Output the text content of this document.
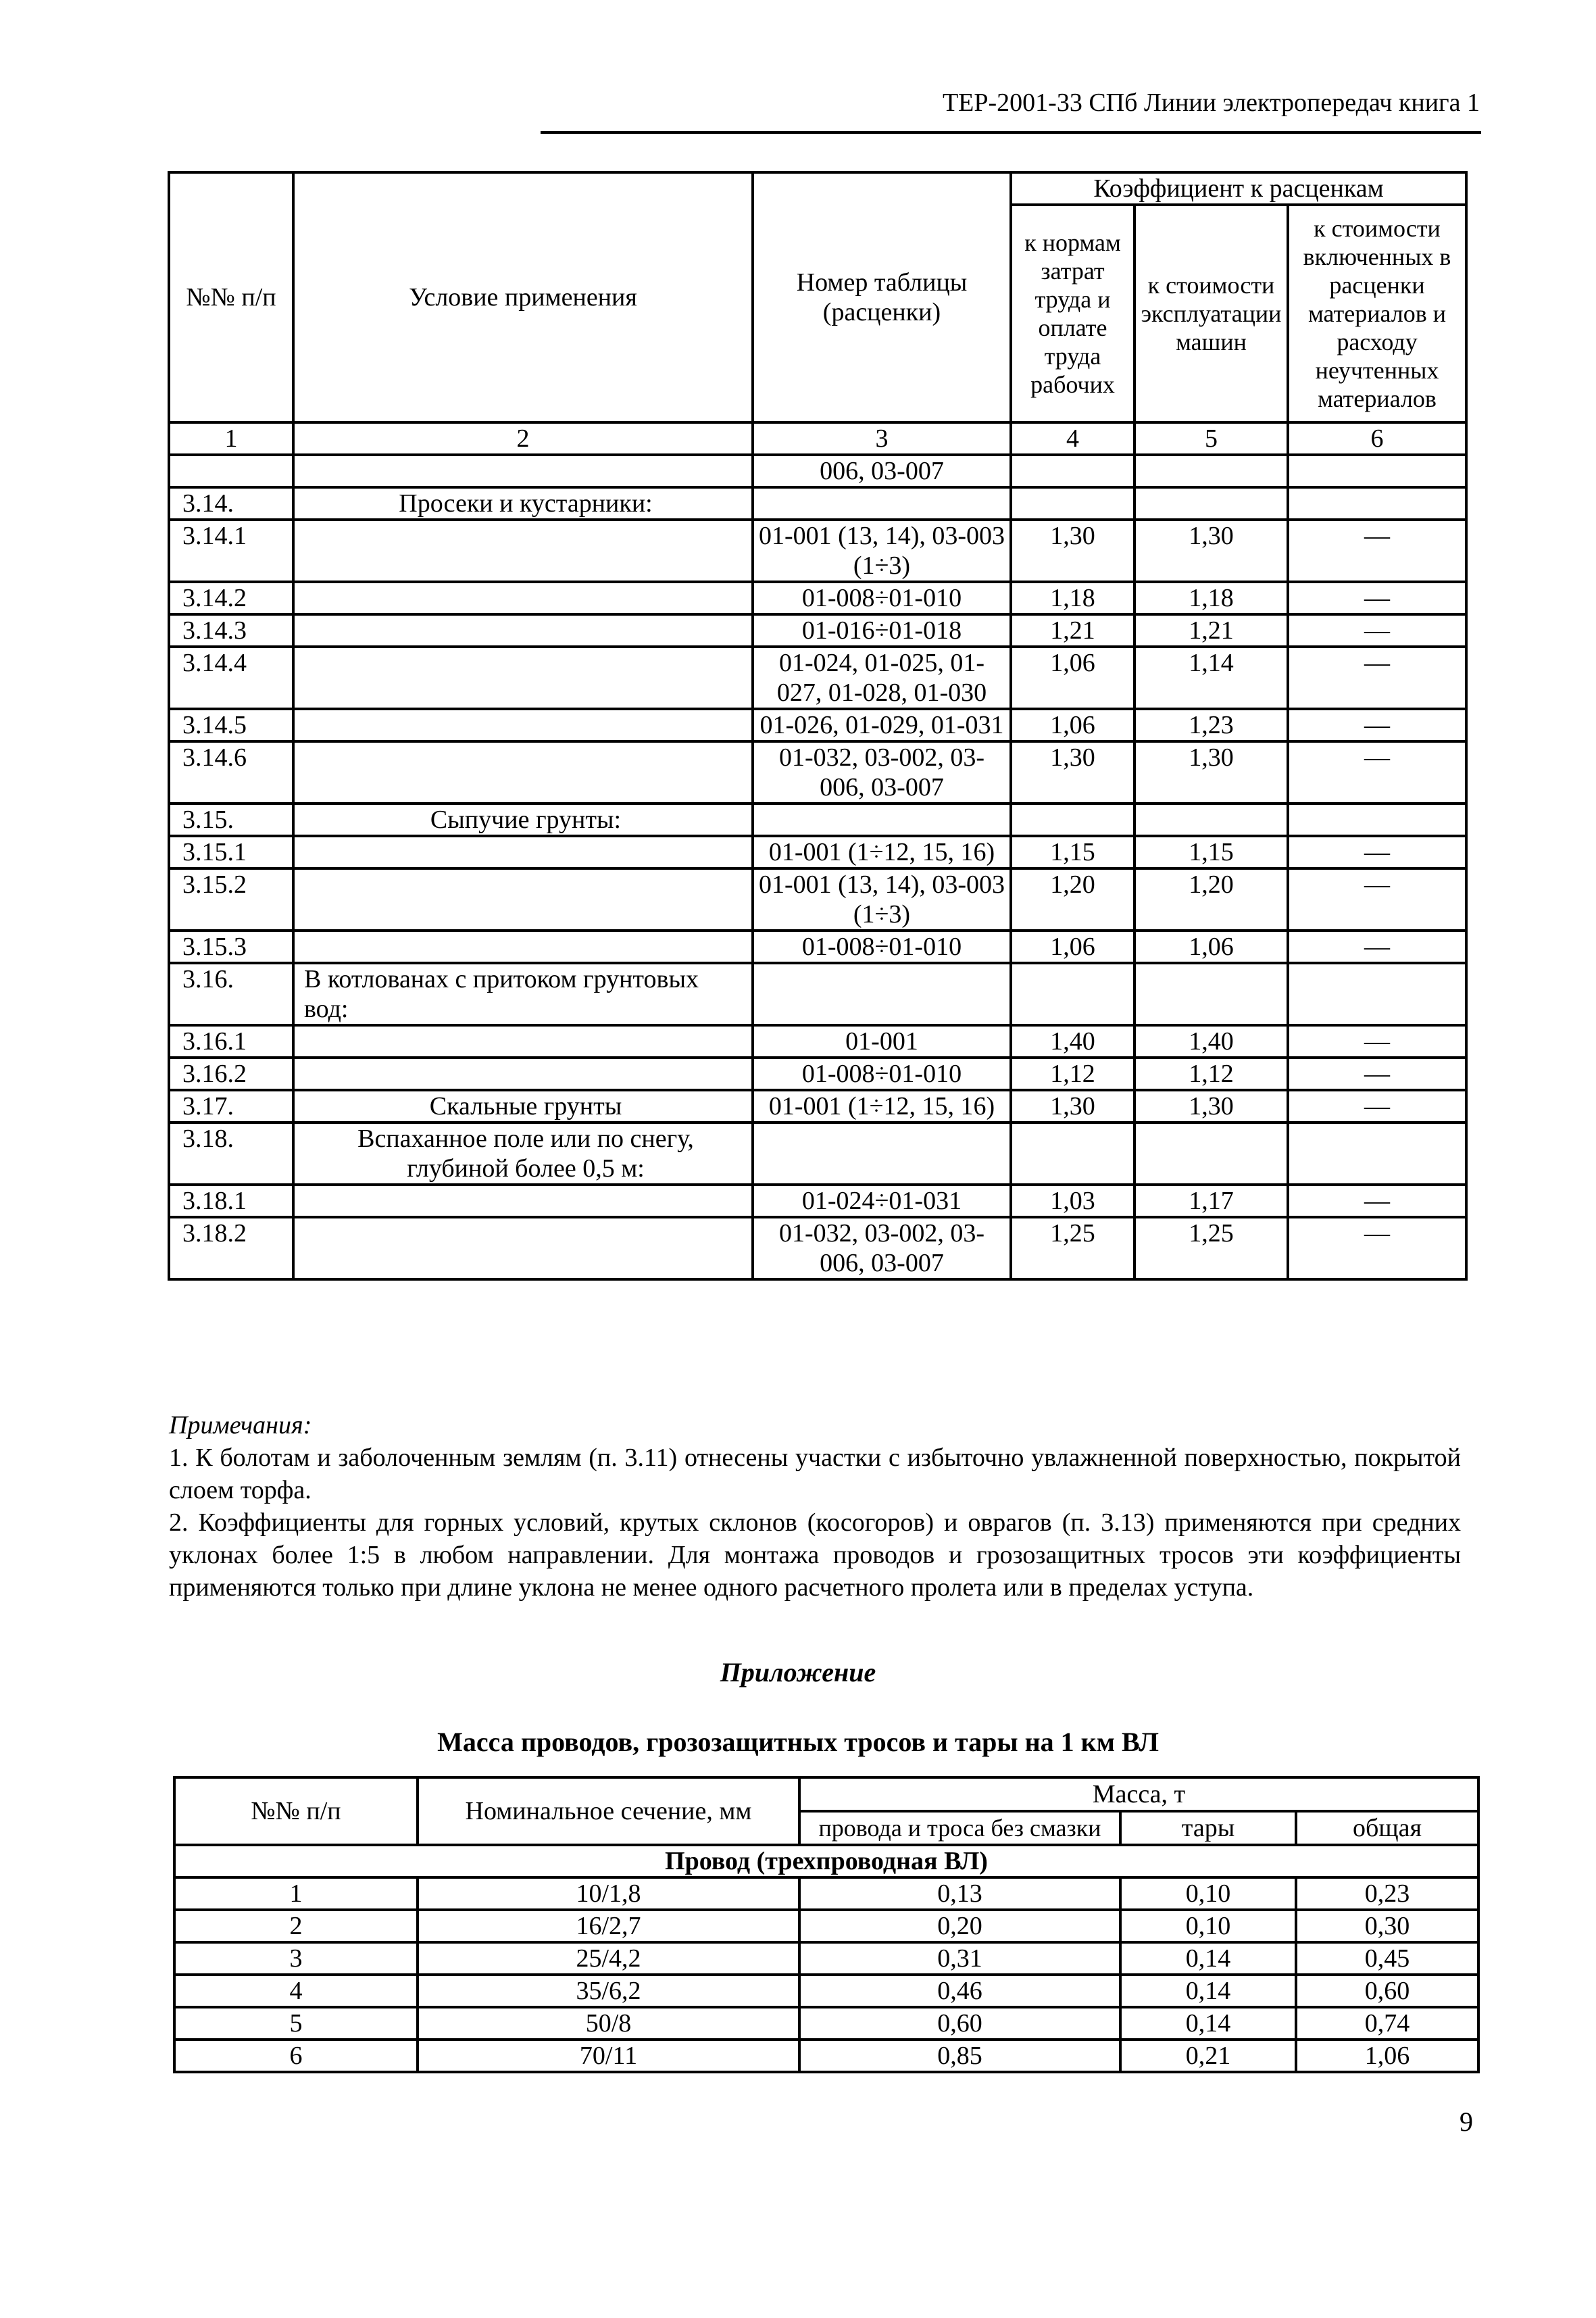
ТЕР-2001-33 СПб Линии электропередач книга 1
№№ п/п	Условие применения	Номер таблицы (расценки)	Коэффициент к расценкам		
			к нормам затрат труда и оплате труда рабочих	к стоимости эксплуатации машин	к стоимости включенных в расценки материалов и расходу неучтенных материалов
1	2	3	4	5	6
		006, 03-007			
3.14.	Просеки и кустарники:				
3.14.1		01-001 (13, 14), 03-003 (1÷3)	1,30	1,30	—
3.14.2		01-008÷01-010	1,18	1,18	—
3.14.3		01-016÷01-018	1,21	1,21	—
3.14.4		01-024, 01-025, 01-027, 01-028, 01-030	1,06	1,14	—
3.14.5		01-026, 01-029, 01-031	1,06	1,23	—
3.14.6		01-032, 03-002, 03-006, 03-007	1,30	1,30	—
3.15.	Сыпучие грунты:				
3.15.1		01-001 (1÷12, 15, 16)	1,15	1,15	—
3.15.2		01-001 (13, 14), 03-003 (1÷3)	1,20	1,20	—
3.15.3		01-008÷01-010	1,06	1,06	—
3.16.	В котлованах с притоком грунтовых вод:				
3.16.1		01-001	1,40	1,40	—
3.16.2		01-008÷01-010	1,12	1,12	—
3.17.	Скальные грунты	01-001 (1÷12, 15, 16)	1,30	1,30	—
3.18.	Вспаханное поле или по снегу, глубиной более 0,5 м:				
3.18.1		01-024÷01-031	1,03	1,17	—
3.18.2		01-032, 03-002, 03-006, 03-007	1,25	1,25	—

Примечания:

1. К болотам и заболоченным землям (п. 3.11) отнесены участки с избыточно увлажненной поверхностью, покрытой слоем торфа.

2. Коэффициенты для горных условий, крутых склонов (косогоров) и оврагов (п. 3.13) применяются при средних уклонах более 1:5 в любом направлении. Для монтажа проводов и грозозащитных тросов эти коэффициенты применяются только при длине уклона не менее одного расчетного пролета или в пределах уступа.

Приложение
Масса проводов, грозозащитных тросов и тары на 1 км ВЛ
№№ п/п	Номинальное сечение, мм	Масса, т		
		провода и троса без смазки	тары	общая
Провод (трехпроводная ВЛ)				
1	10/1,8	0,13	0,10	0,23
2	16/2,7	0,20	0,10	0,30
3	25/4,2	0,31	0,14	0,45
4	35/6,2	0,46	0,14	0,60
5	50/8	0,60	0,14	0,74
6	70/11	0,85	0,21	1,06
9
